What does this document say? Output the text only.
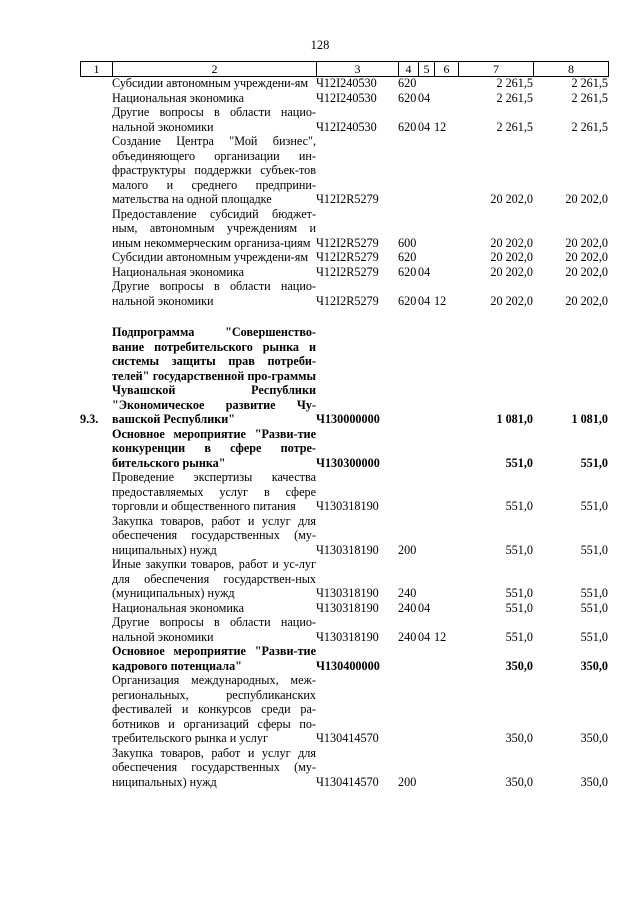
128
1	2	3	4	5	6	7	8
	Субсидии автономным учреждени-ям	Ч12I240530	620			2 261,5	2 261,5
	Национальная экономика	Ч12I240530	620	04		2 261,5	2 261,5
	Другие вопросы в области нацио-нальной экономики	Ч12I240530	620	04	12	2 261,5	2 261,5
	Создание Центра "Мой бизнес", объединяющего организации ин-фраструктуры поддержки субъек-тов малого и среднего предприни-мательства на одной площадке	Ч12I2R5279				20 202,0	20 202,0
	Предоставление субсидий бюджет-ным, автономным учреждениям и иным некоммерческим организа-циям	Ч12I2R5279	600			20 202,0	20 202,0
	Субсидии автономным учреждени-ям	Ч12I2R5279	620			20 202,0	20 202,0
	Национальная экономика	Ч12I2R5279	620	04		20 202,0	20 202,0
	Другие вопросы в области нацио-нальной экономики	Ч12I2R5279	620	04	12	20 202,0	20 202,0

9.3.	Подпрограмма "Совершенство-вание потребительского рынка и системы защиты прав потреби-телей" государственной про-граммы Чувашской Республики "Экономическое развитие Чу-вашской Республики"	Ч130000000				1 081,0	1 081,0
	Основное мероприятие "Разви-тие конкуренции в сфере потре-бительского рынка"	Ч130300000				551,0	551,0
	Проведение экспертизы качества предоставляемых услуг в сфере торговли и общественного питания	Ч130318190				551,0	551,0
	Закупка товаров, работ и услуг для обеспечения государственных (му-ниципальных) нужд	Ч130318190	200			551,0	551,0
	Иные закупки товаров, работ и ус-луг для обеспечения государствен-ных (муниципальных) нужд	Ч130318190	240			551,0	551,0
	Национальная экономика	Ч130318190	240	04		551,0	551,0
	Другие вопросы в области нацио-нальной экономики	Ч130318190	240	04	12	551,0	551,0
	Основное мероприятие "Разви-тие кадрового потенциала"	Ч130400000				350,0	350,0
	Организация международных, меж-региональных, республиканских фестивалей и конкурсов среди ра-ботников и организаций сферы по-требительского рынка и услуг	Ч130414570				350,0	350,0
	Закупка товаров, работ и услуг для обеспечения государственных (му-ниципальных) нужд	Ч130414570	200			350,0	350,0
